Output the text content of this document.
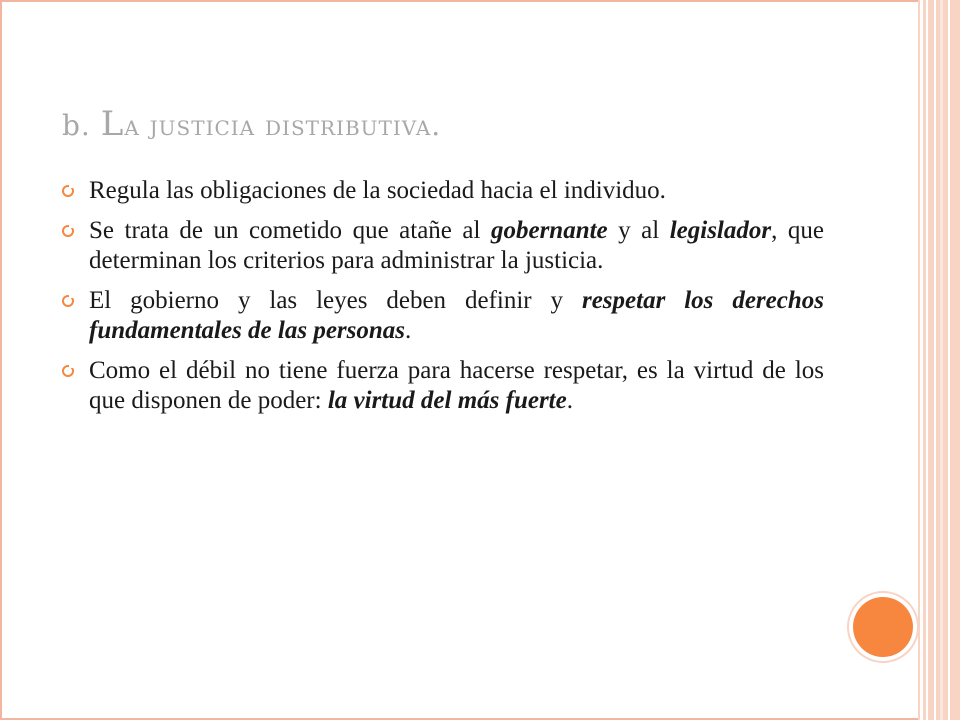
b. La justicia distributiva.
Regula las obligaciones de la sociedad hacia el individuo.
Se trata de un cometido que atañe al gobernante y al legislador, que determinan los criterios para administrar la justicia.
El gobierno y las leyes deben definir y respetar los derechos fundamentales de las personas.
Como el débil no tiene fuerza para hacerse respetar, es la virtud de los que disponen de poder: la virtud del más fuerte.
